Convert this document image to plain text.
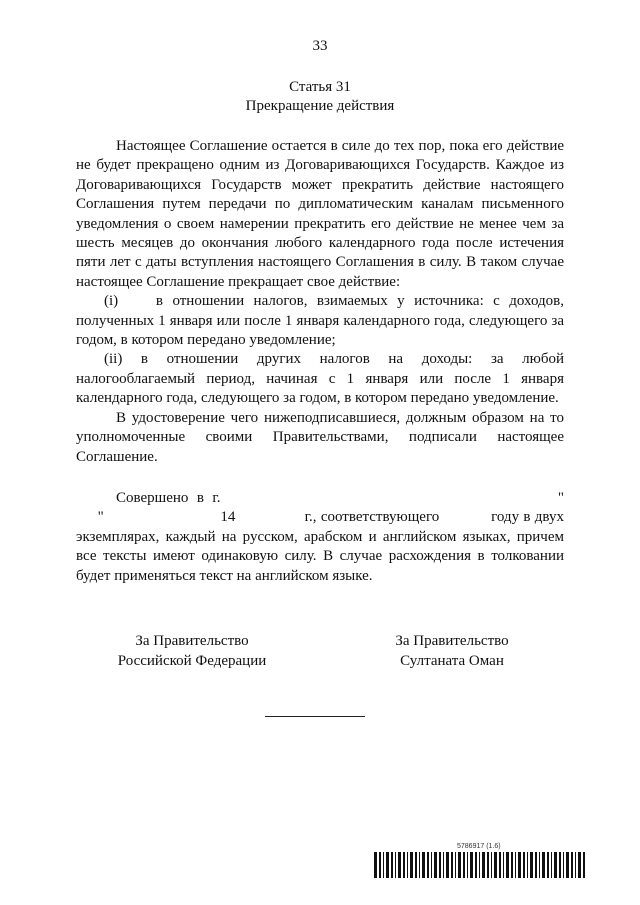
33
Статья 31
Прекращение действия

Настоящее Соглашение остается в силе до тех пор, пока его действие не будет прекращено одним из Договаривающихся Государств. Каждое из Договаривающихся Государств может прекратить действие настоящего Соглашения путем передачи по дипломатическим каналам письменного уведомления о своем намерении прекратить его действие не менее чем за шесть месяцев до окончания любого календарного года после истечения пяти лет с даты вступления настоящего Соглашения в силу. В таком случае настоящее Соглашение прекращает свое действие:

(i)    в отношении налогов, взимаемых у источника: с доходов, полученных 1 января или после 1 января календарного года, следующего за годом, в котором передано уведомление;

(ii) в отношении других налогов на доходы: за любой налогооблагаемый период, начиная с 1 января или после 1 января календарного года, следующего за годом, в котором передано уведомление.

В удостоверение чего нижеподписавшиеся, должным образом на то уполномоченные своими Правительствами, подписали настоящее Соглашение.

Совершено в г.                                        "      "                           14                г., соответствующего            году в двух экземплярах, каждый на русском, арабском и английском языках, причем все тексты имеют одинаковую силу. В случае расхождения в толковании будет применяться текст на английском языке.

За Правительство
Российской Федерации
За Правительство
Султаната Оман
5786917 (1.6)
